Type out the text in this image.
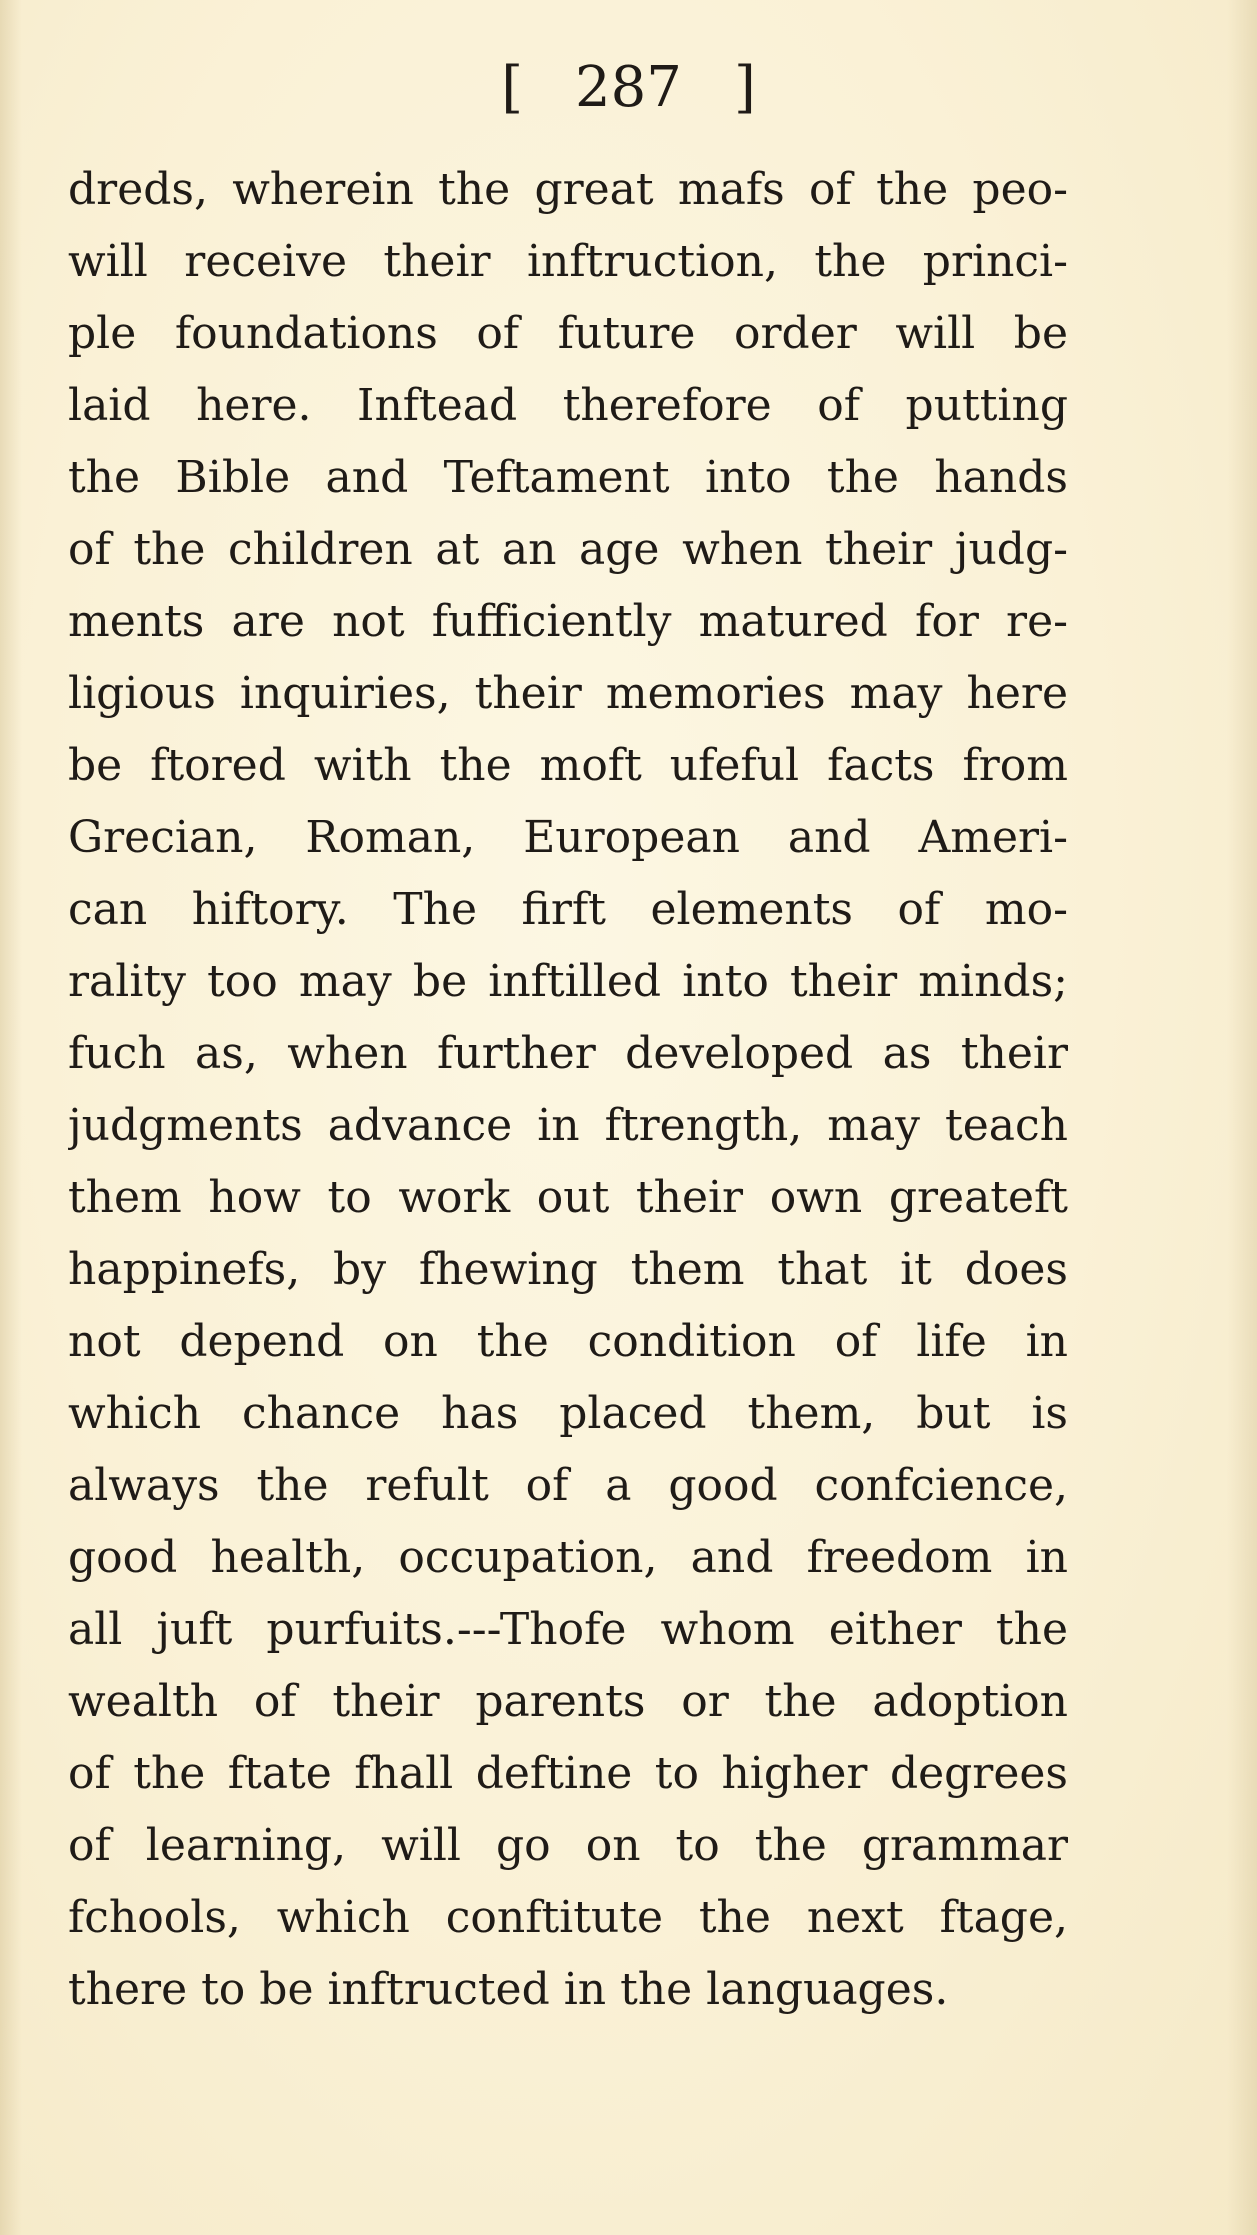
[ 287 ]
dreds, wherein the great mafs of the peo-
will receive their inftruction, the princi-
ple foundations of future order will be
laid here. Inftead therefore of putting
the Bible and Teftament into the hands
of the children at an age when their judg-
ments are not fufficiently matured for re-
ligious inquiries, their memories may here
be ftored with the moft ufeful facts from
Grecian, Roman, European and Ameri-
can hiftory. The firft elements of mo-
rality too may be inftilled into their minds;
fuch as, when further developed as their
judgments advance in ftrength, may teach
them how to work out their own greateft
happinefs, by fhewing them that it does
not depend on the condition of life in
which chance has placed them, but is
always the refult of a good confcience,
good health, occupation, and freedom in
all juft purfuits.---Thofe whom either the
wealth of their parents or the adoption
of the ftate fhall deftine to higher degrees
of learning, will go on to the grammar
fchools, which conftitute the next ftage,
there to be inftructed in the languages.
